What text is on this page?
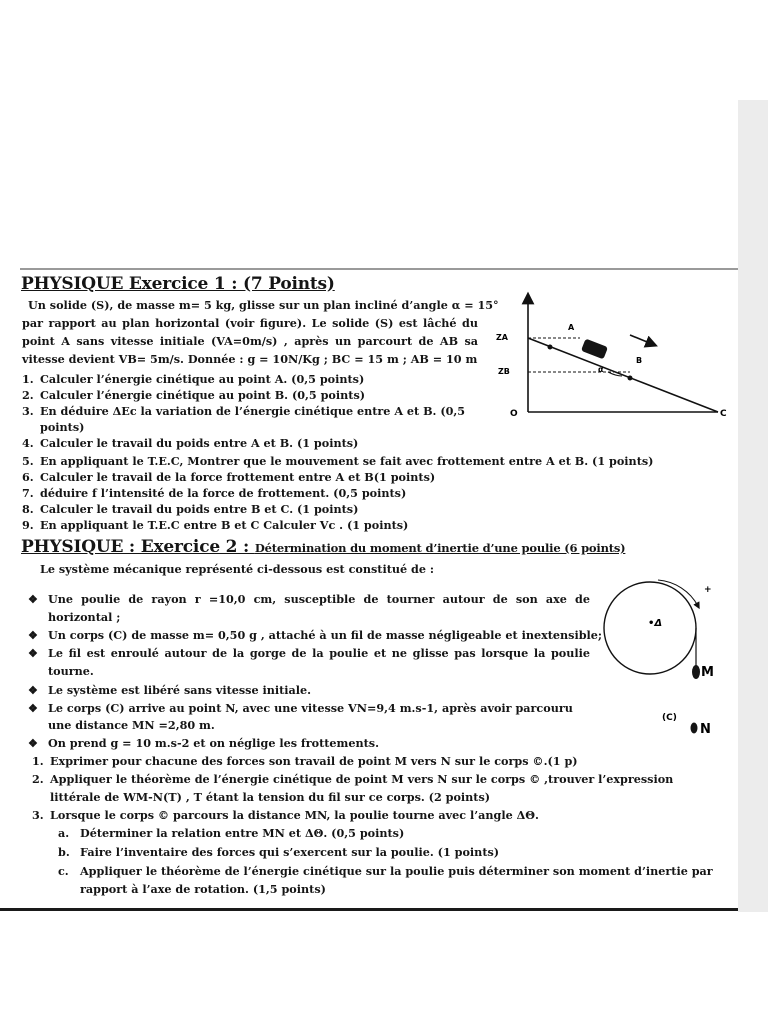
PHYSIQUE Exercice 1 : (7 Points)
Un solide (S), de masse m= 5 kg, glisse sur un plan incliné d’angle α = 15°
par rapport au plan horizontal (voir figure). Le solide (S) est lâché du
point A sans vitesse initiale (VA=0m/s) , après un parcourt de AB sa
vitesse devient VB= 5m/s. Donnée : g = 10N/Kg ; BC = 15 m ; AB = 10 m
1. Calculer l’énergie cinétique au point A. (0,5 points)
2. Calculer l’énergie cinétique au point B. (0,5 points)
3. En déduire ΔEc la variation de l’énergie cinétique entre A et B. (0,5
points)
4. Calculer le travail du poids entre A et B. (1 points)
5. En appliquant le T.E.C, Montrer que le mouvement se fait avec frottement entre A et B. (1 points)
6. Calculer le travail de la force frottement entre A et B(1 points)
7. déduire f l’intensité de la force de frottement. (0,5 points)
8. Calculer le travail du poids entre B et C. (1 points)
9. En appliquant le T.E.C entre B et C Calculer Vc . (1 points)
ZA
ZB
O
A
B
C
α
PHYSIQUE : Exercice 2 : Détermination du moment d’inertie d’une poulie (6 points)
Le système mécanique représenté ci-dessous est constitué de :
❖ Une poulie de rayon r =10,0 cm, susceptible de tourner autour de son axe de
horizontal ;
❖ Un corps (C) de masse m= 0,50 g , attaché à un fil de masse négligeable et inextensible;
❖ Le fil est enroulé autour de la gorge de la poulie et ne glisse pas lorsque la poulie
tourne.
❖ Le système est libéré sans vitesse initiale.
❖ Le corps (C) arrive au point N, avec une vitesse VN=9,4 m.s-1, après avoir parcouru
une distance MN =2,80 m.
❖ On prend g = 10 m.s-2 et on néglige les frottements.
1. Exprimer pour chacune des forces son travail de point M vers N sur le corps ©.(1 p)
2. Appliquer le théorème de l’énergie cinétique de point M vers N sur le corps © ,trouver l’expression
littérale de WM-N(T) , T étant la tension du fil sur ce corps. (2 points)
3. Lorsque le corps © parcours la distance MN, la poulie tourne avec l’angle ΔΘ.
a. Déterminer la relation entre MN et ΔΘ. (0,5 points)
b. Faire l’inventaire des forces qui s’exercent sur la poulie. (1 points)
c. Appliquer le théorème de l’énergie cinétique sur la poulie puis déterminer son moment d’inertie par
rapport à l’axe de rotation. (1,5 points)
+
•Δ
M
(C)
N
